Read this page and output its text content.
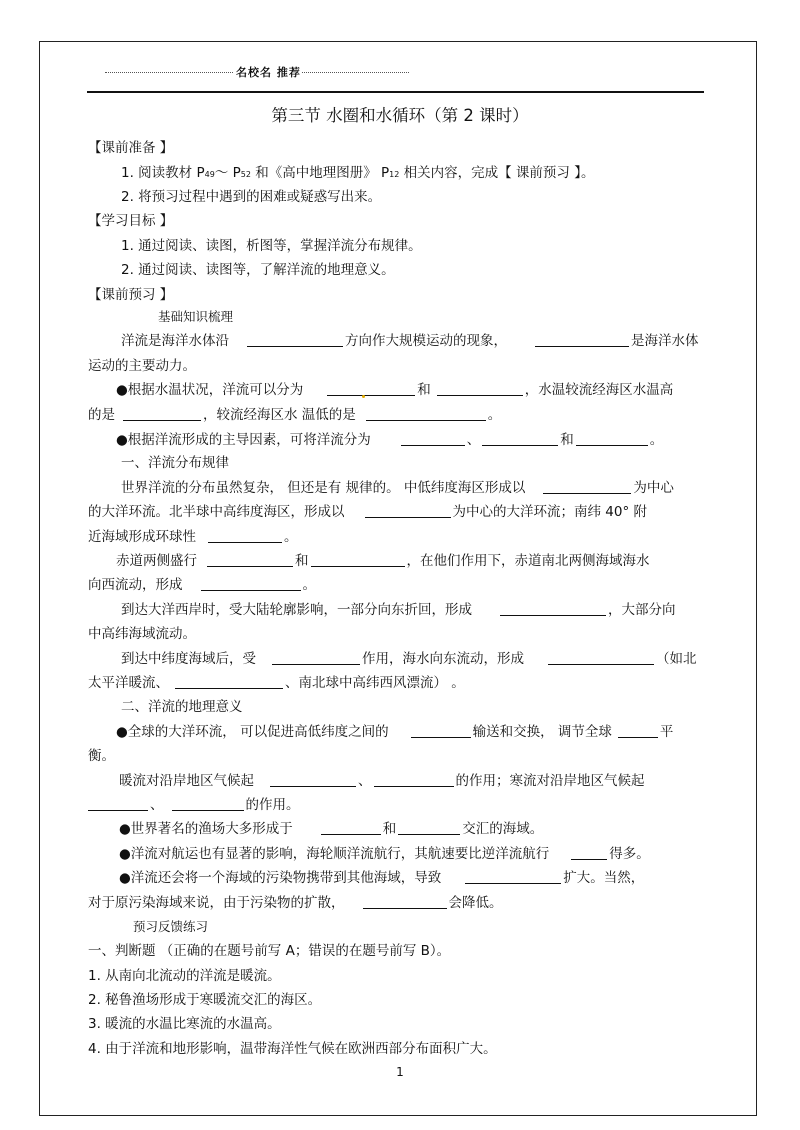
名校名 推荐
第三节 水圈和水循环（第 2 课时）
【课前准备 】
1. 阅读教材 P49～ P52 和《高中地理图册》 P12 相关内容，完成【 课前预习 】。
2. 将预习过程中遇到的困难或疑惑写出来。
【学习目标 】
1. 通过阅读、读图，析图等，掌握洋流分布规律。
2. 通过阅读、读图等，了解洋流的地理意义。
【课前预习 】
基础知识梳理
洋流是海洋水体沿	方向作大规模运动的现象，	是海洋水体
运动的主要动力。
●根据水温状况，洋流可以分为	和	，水温较流经海区水温高
的是	，较流经海区水 温低的是	。
●根据洋流形成的主导因素，可将洋流分为	、	和	。
一、洋流分布规律
世界洋流的分布虽然复杂， 但还是有 规律的。 中低纬度海区形成以	为中心
的大洋环流。北半球中高纬度海区，形成以	为中心的大洋环流；南纬 40° 附
近海域形成环球性	。
赤道两侧盛行	和	，在他们作用下，赤道南北两侧海域海水
向西流动，形成	。
到达大洋西岸时，受大陆轮廓影响，一部分向东折回，形成	，大部分向
中高纬海域流动。
到达中纬度海域后，受	作用，海水向东流动，形成	（如北
太平洋暖流、	、南北球中高纬西风漂流） 。
二、洋流的地理意义
●全球的大洋环流， 可以促进高低纬度之间的	输送和交换， 调节全球	平
衡。
暖流对沿岸地区气候起	、	的作用；寒流对沿岸地区气候起
、	的作用。
●世界著名的渔场大多形成于	和	交汇的海域。
●洋流对航运也有显著的影响，海轮顺洋流航行，其航速要比逆洋流航行	得多。
●洋流还会将一个海域的污染物携带到其他海域，导致	扩大。当然，
对于原污染海域来说，由于污染物的扩散，	会降低。
预习反馈练习
一、判断题 （正确的在题号前写 A；错误的在题号前写 B）。
1. 从南向北流动的洋流是暖流。
2. 秘鲁渔场形成于寒暖流交汇的海区。
3. 暖流的水温比寒流的水温高。
4. 由于洋流和地形影响，温带海洋性气候在欧洲西部分布面积广大。
1
